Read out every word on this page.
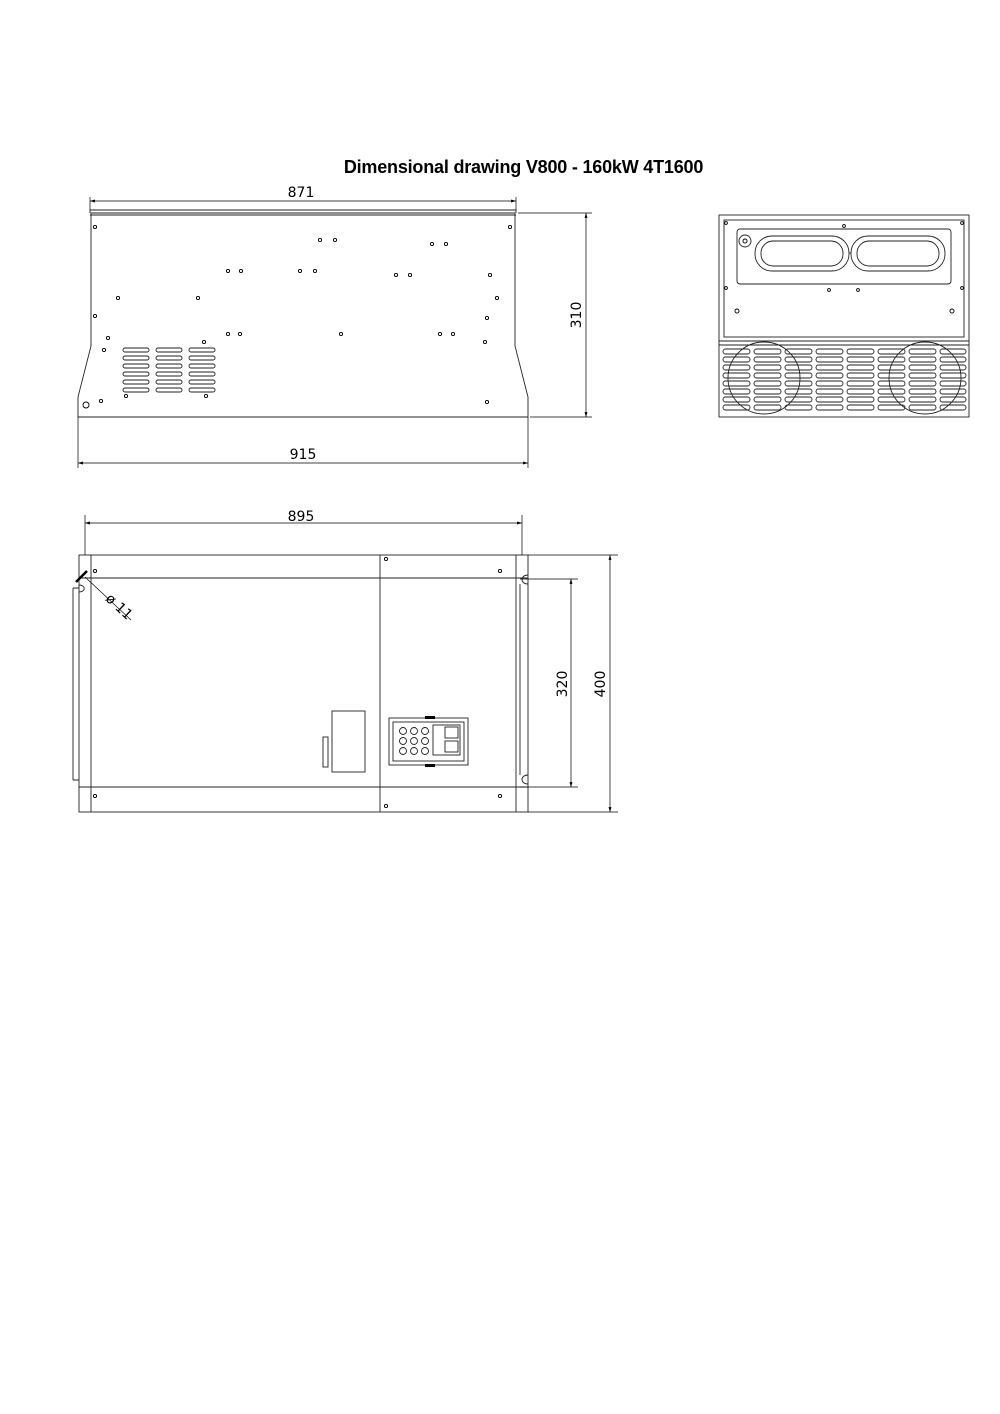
Dimensional drawing V800 - 160kW 4T1600
871
915
310
ø 11
895
320 400
